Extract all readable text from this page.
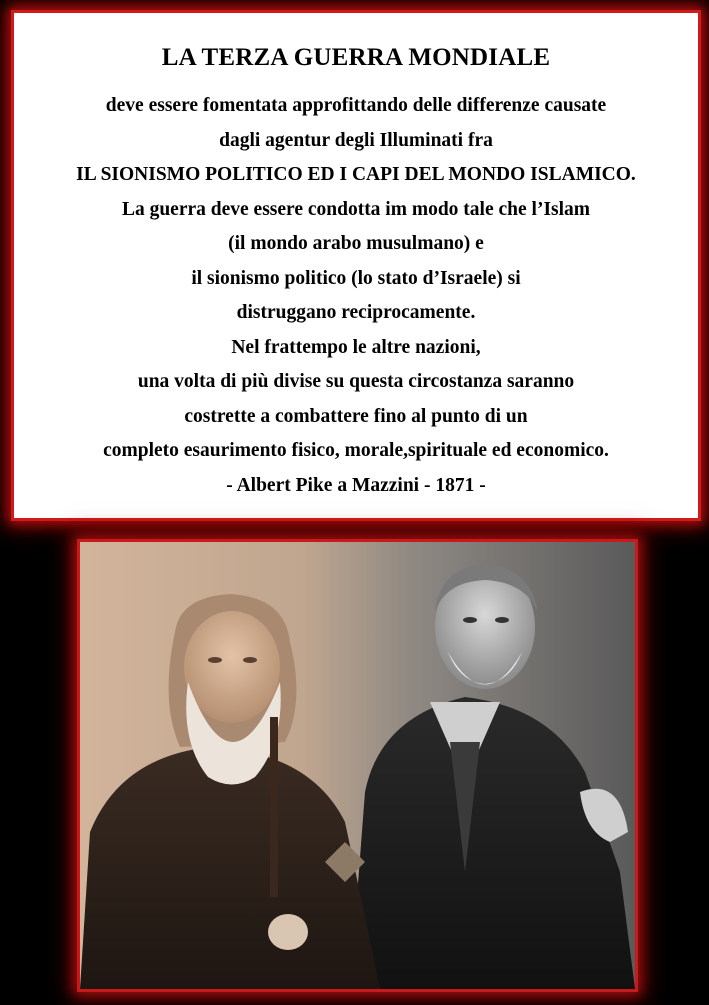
LA TERZA GUERRA MONDIALE
deve essere fomentata approfittando delle differenze causate
dagli agentur degli Illuminati fra
IL SIONISMO POLITICO ED I CAPI DEL MONDO ISLAMICO.
La guerra deve essere condotta im modo tale che l’Islam
(il mondo arabo musulmano) e
il sionismo politico (lo stato d’Israele) si
distruggano reciprocamente.
Nel frattempo le altre nazioni,
una volta di più divise su questa circostanza saranno
costrette a combattere fino al punto di un
completo esaurimento fisico, morale,spirituale ed economico.
- Albert Pike a Mazzini - 1871 -
